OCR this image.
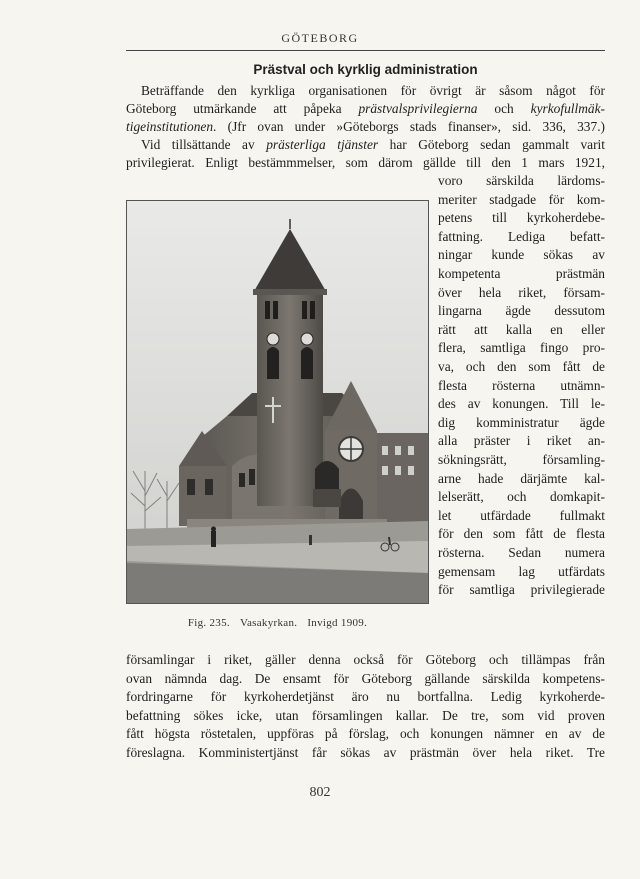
GÖTEBORG
Prästval och kyrklig administration
Beträffande den kyrkliga organisationen för övrigt är såsom något för
Göteborg utmärkande att påpeka prästvalsprivilegierna och kyrkofullmäk-
tigeinstitutionen. (Jfr ovan under »Göteborgs stads finanser», sid. 336, 337.)
Vid tillsättande av prästerliga tjänster har Göteborg sedan gammalt varit
privilegierat. Enligt bestämmmelser, som därom gällde till den 1 mars 1921,
voro särskilda lärdoms-
meriter stadgade för kom-
petens till kyrkoherdebe-
fattning. Lediga befatt-
ningar kunde sökas av
kompetenta prästmän
över hela riket, försam-
lingarna ägde dessutom
rätt att kalla en eller
flera, samtliga fingo pro-
va, och den som fått de
flesta rösterna utnämn-
des av konungen. Till le-
dig komministratur ägde
alla präster i riket an-
sökningsrätt, församling-
arne hade därjämte kal-
lelserätt, och domkapit-
let utfärdade fullmakt
för den som fått de flesta
rösterna. Sedan numera
gemensam lag utfärdats
för samtliga privilegierade
församlingar i riket, gäller denna också för Göteborg och tillämpas från
ovan nämnda dag. De ensamt för Göteborg gällande särskilda kompetens-
fordringarne för kyrkoherdetjänst äro nu bortfallna. Ledig kyrkoherde-
befattning sökes icke, utan församlingen kallar. De tre, som vid proven
fått högsta röstetalen, uppföras på förslag, och konungen nämner en av de
föreslagna. Komministertjänst får sökas av prästmän över hela riket. Tre
Fig. 235. Vasakyrkan. Invigd 1909.
802
